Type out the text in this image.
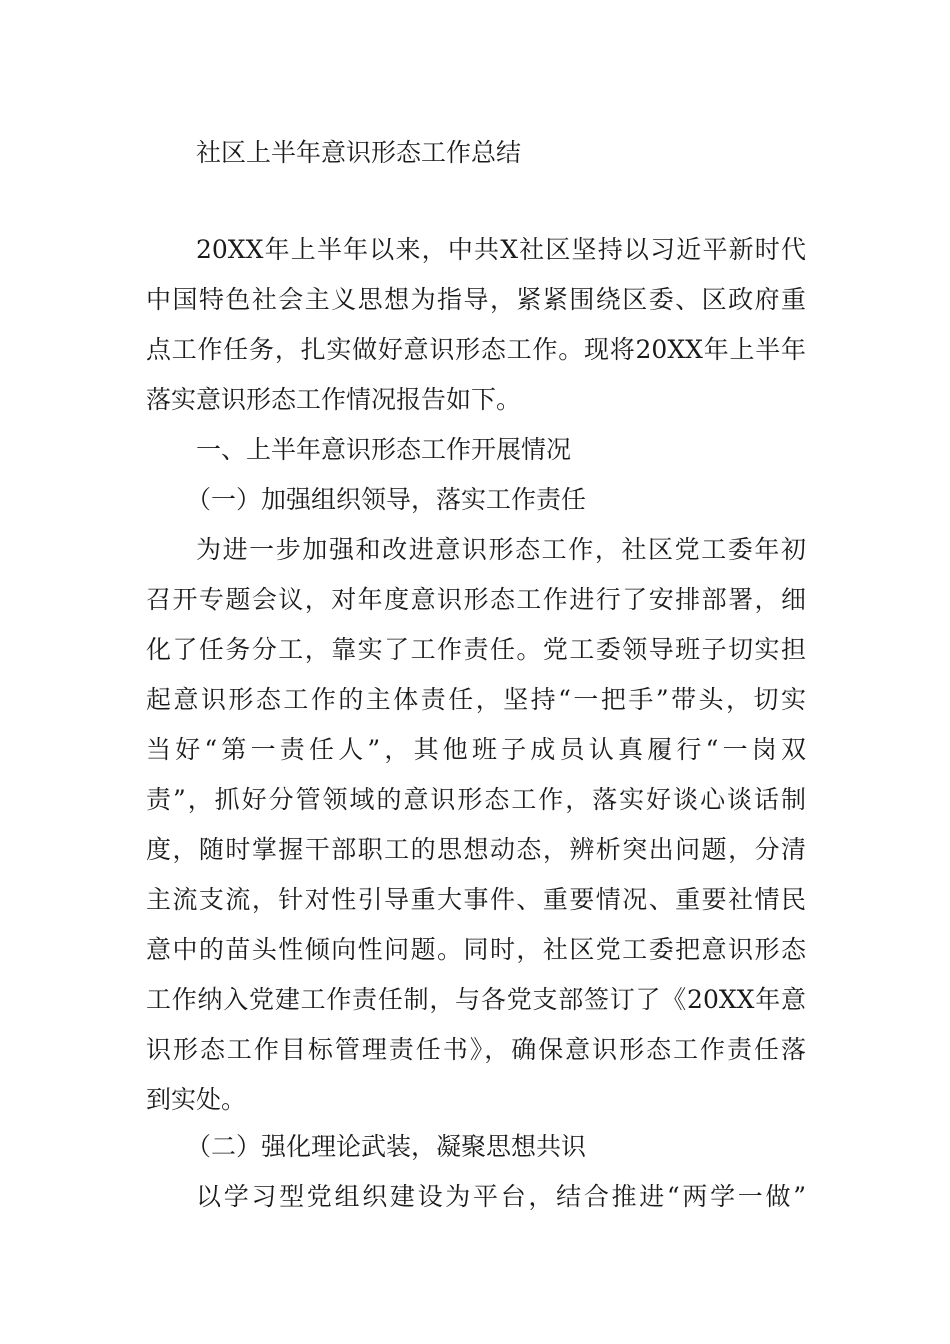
社区上半年意识形态工作总结
20XX年上半年以来，中共X社区坚持以习近平新时代
中国特色社会主义思想为指导，紧紧围绕区委、区政府重
点工作任务，扎实做好意识形态工作。现将20XX年上半年
落实意识形态工作情况报告如下。
一、上半年意识形态工作开展情况
（一）加强组织领导，落实工作责任
为进一步加强和改进意识形态工作，社区党工委年初
召开专题会议，对年度意识形态工作进行了安排部署，细
化了任务分工，靠实了工作责任。党工委领导班子切实担
起意识形态工作的主体责任，坚持“一把手”带头，切实
当好“第一责任人”，其他班子成员认真履行“一岗双
责”，抓好分管领域的意识形态工作，落实好谈心谈话制
度，随时掌握干部职工的思想动态，辨析突出问题，分清
主流支流，针对性引导重大事件、重要情况、重要社情民
意中的苗头性倾向性问题。同时，社区党工委把意识形态
工作纳入党建工作责任制，与各党支部签订了《20XX年意
识形态工作目标管理责任书》，确保意识形态工作责任落
到实处。
（二）强化理论武装，凝聚思想共识
以学习型党组织建设为平台，结合推进“两学一做”
